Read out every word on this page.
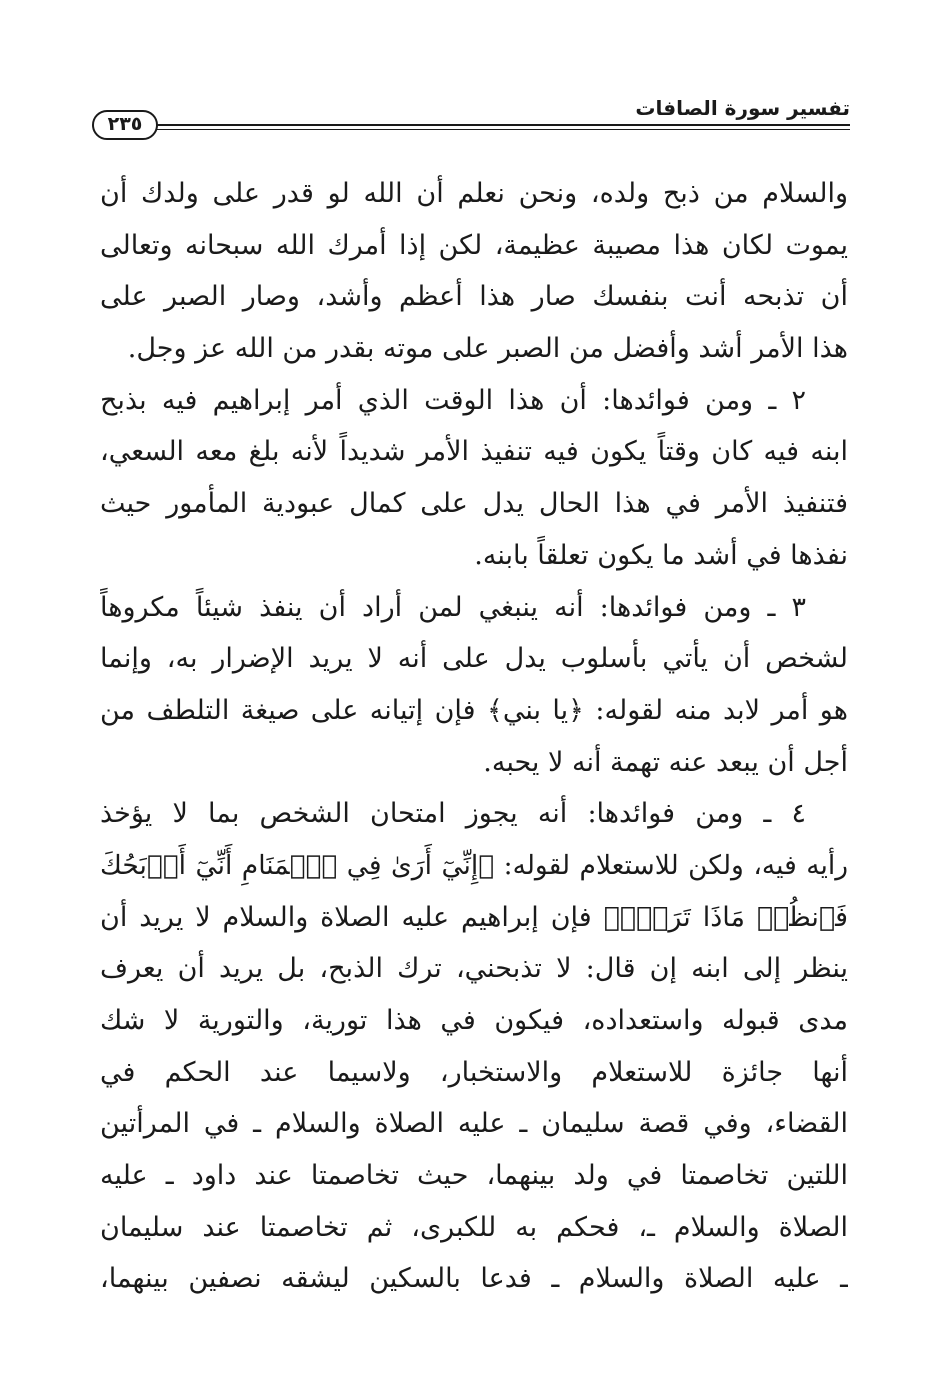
تفسير سورة الصافات
٢٣٥
والسلام من ذبح ولده، ونحن نعلم أن الله لو قدر على ولدك أن
يموت لكان هذا مصيبة عظيمة، لكن إذا أمرك الله سبحانه وتعالى
أن تذبحه أنت بنفسك صار هذا أعظم وأشد، وصار الصبر على
هذا الأمر أشد وأفضل من الصبر على موته بقدر من الله عز وجل.
٢ ـ ومن فوائدها: أن هذا الوقت الذي أمر إبراهيم فيه بذبح
ابنه فيه كان وقتاً يكون فيه تنفيذ الأمر شديداً لأنه بلغ معه السعي،
فتنفيذ الأمر في هذا الحال يدل على كمال عبودية المأمور حيث
نفذها في أشد ما يكون تعلقاً بابنه.
٣ ـ ومن فوائدها: أنه ينبغي لمن أراد أن ينفذ شيئاً مكروهاً
لشخص أن يأتي بأسلوب يدل على أنه لا يريد الإضرار به، وإنما
هو أمر لابد منه لقوله: ﴿يا بني﴾ فإن إتيانه على صيغة التلطف من
أجل أن يبعد عنه تهمة أنه لا يحبه.
٤ ـ ومن فوائدها: أنه يجوز امتحان الشخص بما لا يؤخذ
رأيه فيه، ولكن للاستعلام لقوله: ﴿إِنِّيٓ أَرَىٰ فِي ٱلۡمَنَامِ أَنِّيٓ أَذۡبَحُكَ
فَٱنظُرۡ مَاذَا تَرَىٰۚ﴾ فإن إبراهيم عليه الصلاة والسلام لا يريد أن
ينظر إلى ابنه إن قال: لا تذبحني، ترك الذبح، بل يريد أن يعرف
مدى قبوله واستعداده، فيكون في هذا تورية، والتورية لا شك
أنها جائزة للاستعلام والاستخبار، ولاسيما عند الحكم في
القضاء، وفي قصة سليمان ـ عليه الصلاة والسلام ـ في المرأتين
اللتين تخاصمتا في ولد بينهما، حيث تخاصمتا عند داود ـ عليه
الصلاة والسلام ـ، فحكم به للكبرى، ثم تخاصمتا عند سليمان
ـ عليه الصلاة والسلام ـ فدعا بالسكين ليشقه نصفين بينهما،
